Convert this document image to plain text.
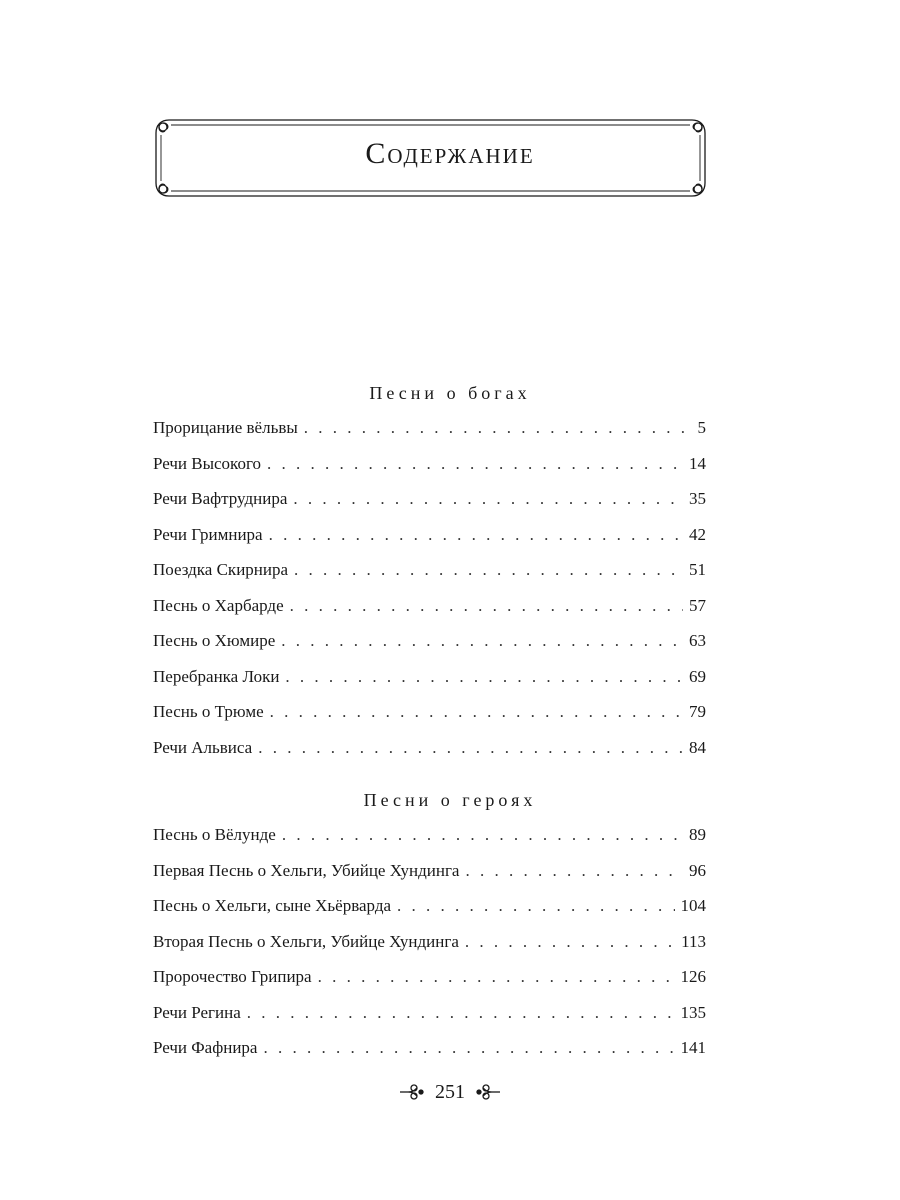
Содержание
Песни о богах
Прорицание вёльвы . . .	5
Речи Высокого . . .	14
Речи Вафтруднира . . .	35
Речи Гримнира . . .	42
Поездка Скирнира . . .	51
Песнь о Харбарде . . .	57
Песнь о Хюмире . . .	63
Перебранка Локи . . .	69
Песнь о Трюме . . .	79
Речи Альвиса . . .	84
Песни о героях
Песнь о Вёлунде . . .	89
Первая Песнь о Хельги, Убийце Хундинга . . .	96
Песнь о Хельги, сыне Хьёрварда . . .	104
Вторая Песнь о Хельги, Убийце Хундинга . . .	113
Пророчество Грипира . . .	126
Речи Регина . . .	135
Речи Фафнира . . .	141
251
